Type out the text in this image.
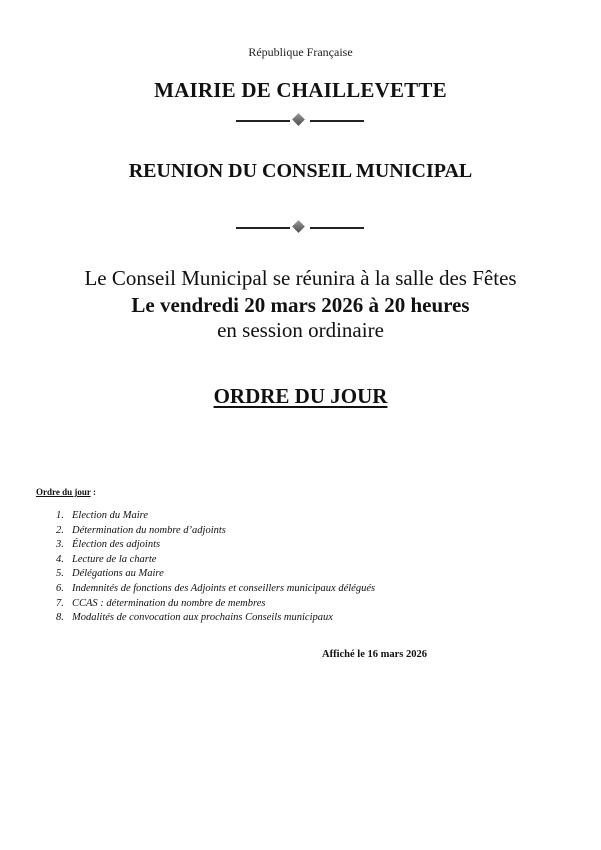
République Française
MAIRIE DE CHAILLEVETTE
REUNION DU CONSEIL MUNICIPAL
Le Conseil Municipal se réunira à la salle des Fêtes
Le vendredi 20 mars 2026 à 20 heures
en session ordinaire
ORDRE DU JOUR
Ordre du jour :
1. Election du Maire
2. Détermination du nombre d’adjoints
3. Élection des adjoints
4. Lecture de la charte
5. Délégations au Maire
6. Indemnités de fonctions des Adjoints et conseillers municipaux délégués
7. CCAS : détermination du nombre de membres
8. Modalités de convocation aux prochains Conseils municipaux
Affiché le 16 mars 2026
